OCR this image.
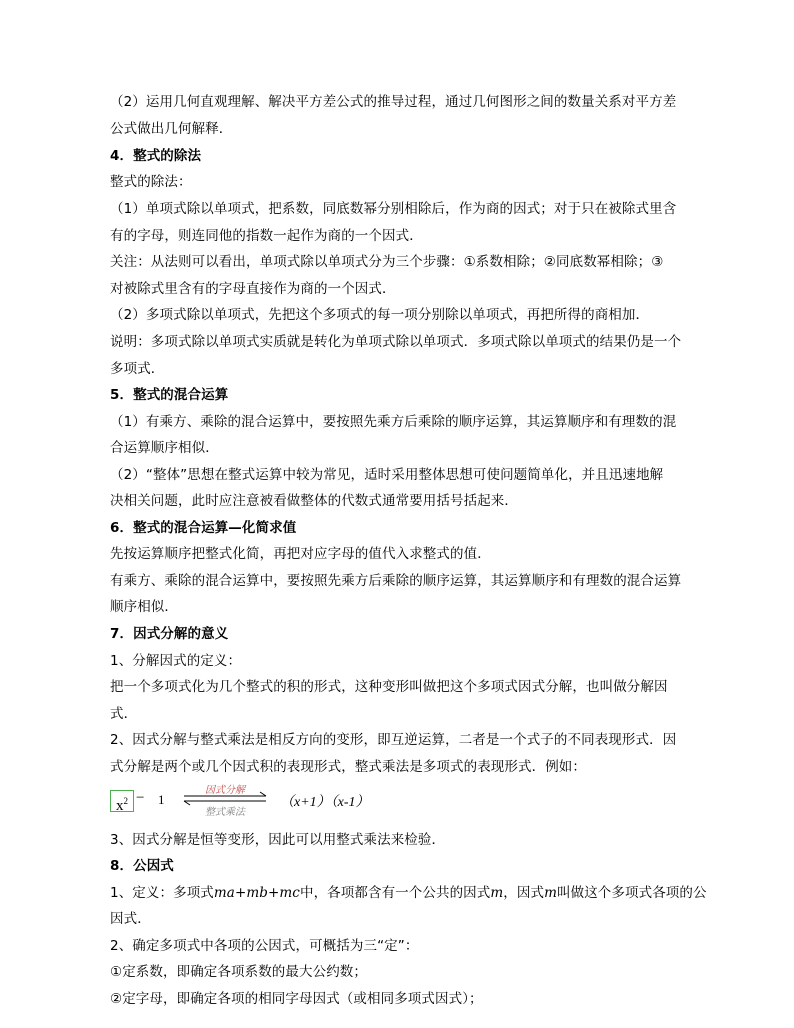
（2）运用几何直观理解、解决平方差公式的推导过程，通过几何图形之间的数量关系对平方差
公式做出几何解释．
4．整式的除法
整式的除法：
（1）单项式除以单项式，把系数，同底数幂分别相除后，作为商的因式；对于只在被除式里含
有的字母，则连同他的指数一起作为商的一个因式．
关注：从法则可以看出，单项式除以单项式分为三个步骤：①系数相除；②同底数幂相除；③
对被除式里含有的字母直接作为商的一个因式．
（2）多项式除以单项式，先把这个多项式的每一项分别除以单项式，再把所得的商相加．
说明：多项式除以单项式实质就是转化为单项式除以单项式．多项式除以单项式的结果仍是一个
多项式．
5．整式的混合运算
（1）有乘方、乘除的混合运算中，要按照先乘方后乘除的顺序运算，其运算顺序和有理数的混
合运算顺序相似．
（2）“整体”思想在整式运算中较为常见，适时采用整体思想可使问题简单化，并且迅速地解
决相关问题，此时应注意被看做整体的代数式通常要用括号括起来．
6．整式的混合运算—化简求值
先按运算顺序把整式化简，再把对应字母的值代入求整式的值．
有乘方、乘除的混合运算中，要按照先乘方后乘除的顺序运算，其运算顺序和有理数的混合运算
顺序相似．
7．因式分解的意义
1、分解因式的定义：
把一个多项式化为几个整式的积的形式，这种变形叫做把这个多项式因式分解，也叫做分解因
式．
2、因式分解与整式乘法是相反方向的变形，即互逆运算，二者是一个式子的不同表现形式．因
式分解是两个或几个因式积的表现形式，整式乘法是多项式的表现形式．例如：
3、因式分解是恒等变形，因此可以用整式乘法来检验．
8．公因式
1、定义：多项式ma+mb+mc中，各项都含有一个公共的因式m，因式m叫做这个多项式各项的公
因式．
2、确定多项式中各项的公因式，可概括为三“定”：
①定系数，即确定各项系数的最大公约数；
②定字母，即确定各项的相同字母因式（或相同多项式因式）；
$x^2 - 1$
因式分解
整式乘法
（x+1）（x-1）
